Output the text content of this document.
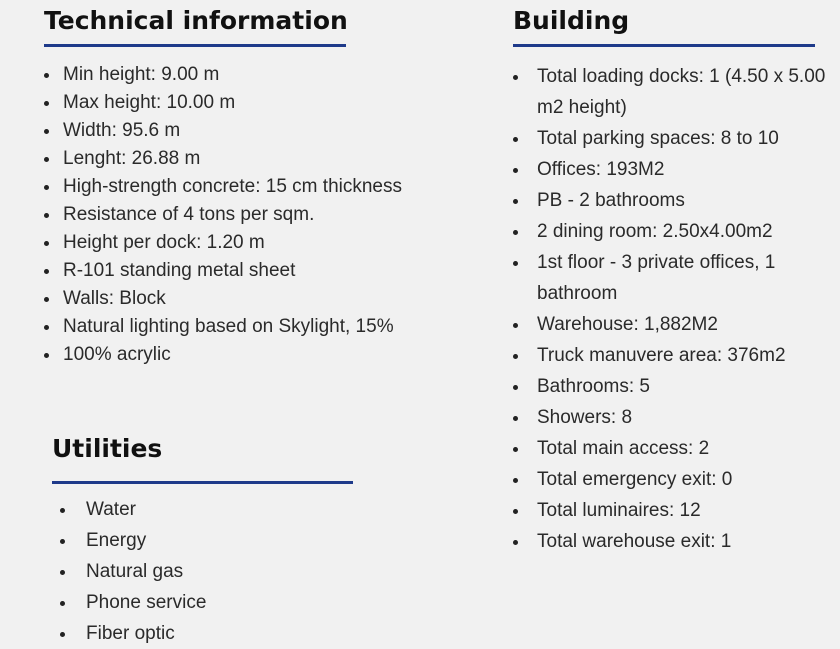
Technical information
Min height: 9.00 m
Max height: 10.00 m
Width: 95.6 m
Lenght: 26.88 m
High-strength concrete: 15 cm thickness
Resistance of 4 tons per sqm.
Height per dock: 1.20 m
R-101 standing metal sheet
Walls: Block
Natural lighting based on Skylight, 15%
100% acrylic
Utilities
Water
Energy
Natural gas
Phone service
Fiber optic
Building
Total loading docks: 1 (4.50 x 5.00 m2 height)
Total parking spaces: 8 to 10
Offices: 193M2
PB - 2 bathrooms
2 dining room: 2.50x4.00m2
1st floor - 3 private offices, 1 bathroom
Warehouse: 1,882M2
Truck manuvere area: 376m2
Bathrooms: 5
Showers: 8
Total main access: 2
Total emergency exit: 0
Total luminaires: 12
Total warehouse exit: 1
